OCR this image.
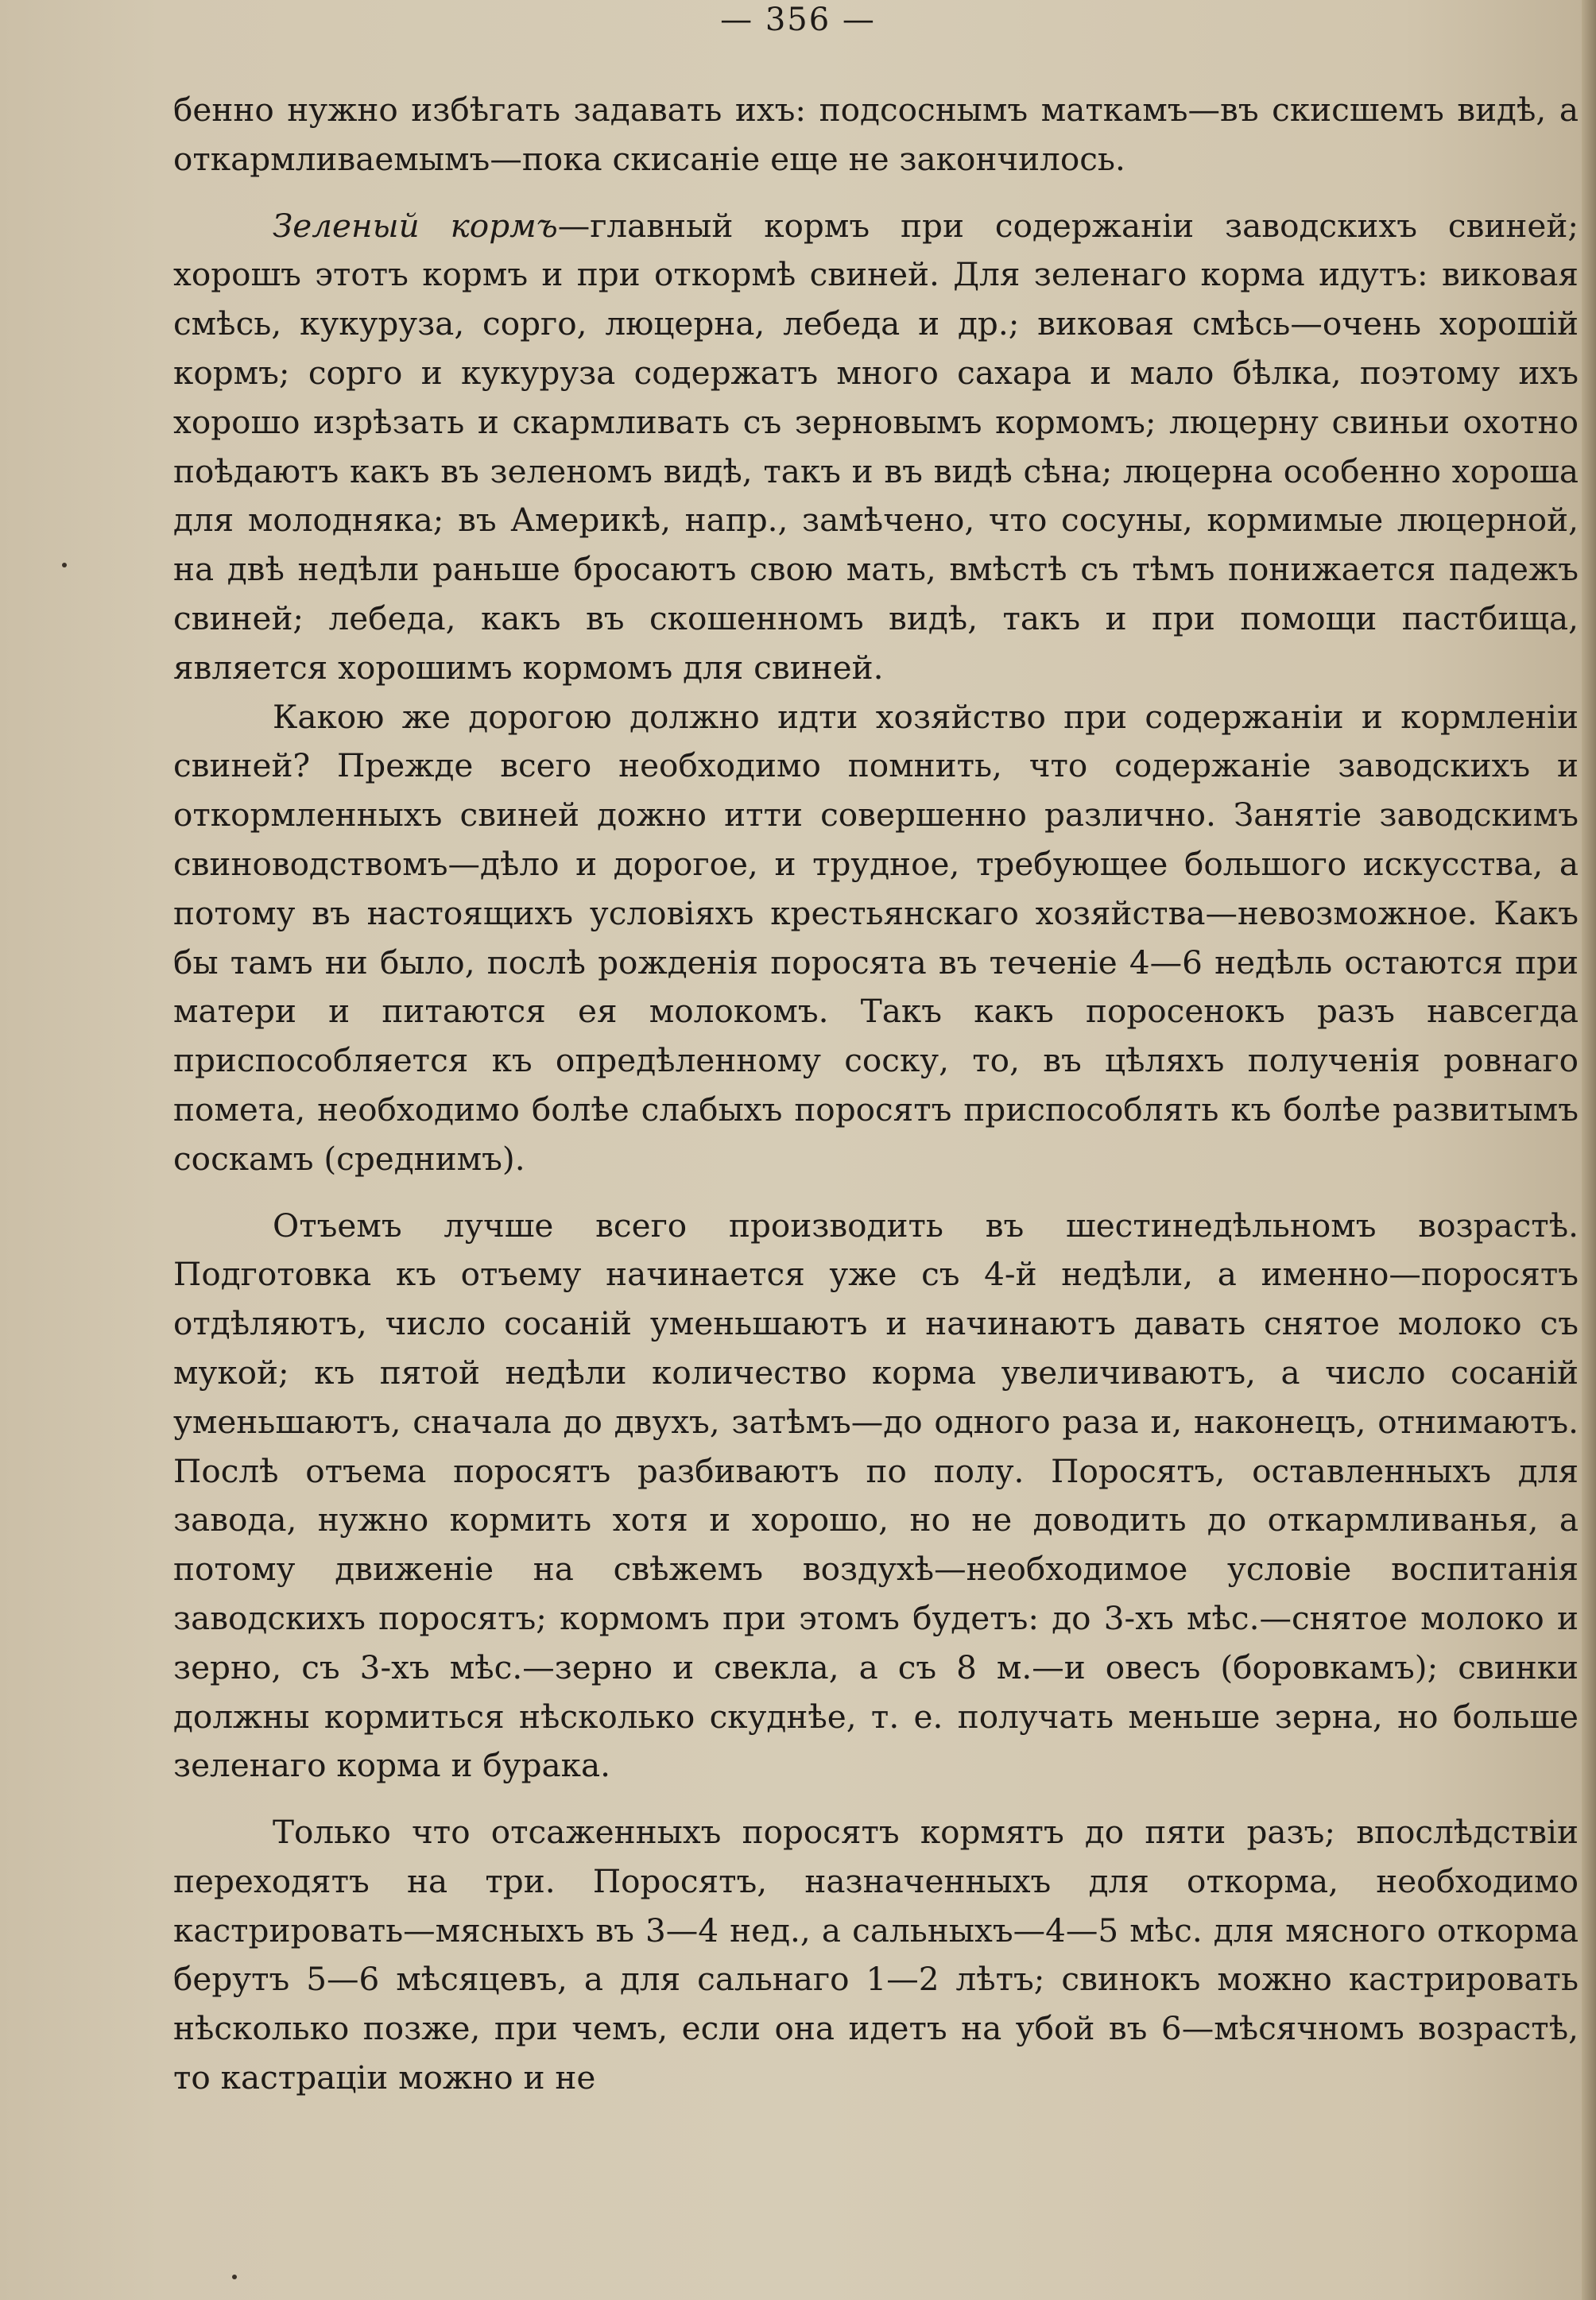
— 356 —

бенно нужно избѣгать задавать ихъ: подсоснымъ маткамъ—въ скисшемъ видѣ, а откармливаемымъ—пока скисаніе еще не закончилось.

Зеленый кормъ—главный кормъ при содержаніи заводскихъ свиней; хорошъ этотъ кормъ и при откормѣ свиней. Для зеленаго корма идутъ: виковая смѣсь, кукуруза, сорго, люцерна, лебеда и др.; виковая смѣсь—очень хорошій кормъ; сорго и кукуруза содержатъ много сахара и мало бѣлка, поэтому ихъ хорошо изрѣзать и скармливать съ зерновымъ кормомъ; люцерну свиньи охотно поѣдаютъ какъ въ зеленомъ видѣ, такъ и въ видѣ сѣна; люцерна особенно хороша для молодняка; въ Америкѣ, напр., замѣчено, что сосуны, кормимые люцерной, на двѣ недѣли раньше бросаютъ свою мать, вмѣстѣ съ тѣмъ понижается падежъ свиней; лебеда, какъ въ скошенномъ видѣ, такъ и при помощи пастбища, является хорошимъ кормомъ для свиней.

Какою же дорогою должно идти хозяйство при содержаніи и кормленіи свиней? Прежде всего необходимо помнить, что содержаніе заводскихъ и откормленныхъ свиней дожно итти совершенно различно. Занятіе заводскимъ свиноводствомъ—дѣло и дорогое, и трудное, требующее большого искусства, а потому въ настоящихъ условіяхъ крестьянскаго хозяйства—невозможное. Какъ бы тамъ ни было, послѣ рожденія поросята въ теченіе 4—6 недѣль остаются при матери и питаются ея молокомъ. Такъ какъ поросенокъ разъ навсегда приспособляется къ опредѣленному соску, то, въ цѣляхъ полученія ровнаго помета, необходимо болѣе слабыхъ поросятъ приспособлять къ болѣе развитымъ соскамъ (среднимъ).

Отъемъ лучше всего производить въ шестинедѣльномъ возрастѣ. Подготовка къ отъему начинается уже съ 4-й недѣли, а именно—поросятъ отдѣляютъ, число сосаній уменьшаютъ и начинаютъ давать снятое молоко съ мукой; къ пятой недѣли количество корма увеличиваютъ, а число сосаній уменьшаютъ, сначала до двухъ, затѣмъ—до одного раза и, наконецъ, отнимаютъ. Послѣ отъема поросятъ разбиваютъ по полу. Поросятъ, оставленныхъ для завода, нужно кормить хотя и хорошо, но не доводить до откармливанья, а потому движеніе на свѣжемъ воздухѣ—необходимое условіе воспитанія заводскихъ поросятъ; кормомъ при этомъ будетъ: до 3-хъ мѣс.—снятое молоко и зерно, съ 3-хъ мѣс.—зерно и свекла, а съ 8 м.—и овесъ (боровкамъ); свинки должны кормиться нѣсколько скуднѣе, т. е. получать меньше зерна, но больше зеленаго корма и бурака.

Только что отсаженныхъ поросятъ кормятъ до пяти разъ; впослѣдствіи переходятъ на три. Поросятъ, назначенныхъ для откорма, необходимо кастрировать—мясныхъ въ 3—4 нед., а сальныхъ—4—5 мѣс. для мясного откорма берутъ 5—6 мѣсяцевъ, а для сальнаго 1—2 лѣтъ; свинокъ можно кастрировать нѣсколько позже, при чемъ, если она идетъ на убой въ 6—мѣсячномъ возрастѣ, то кастраціи можно и не
